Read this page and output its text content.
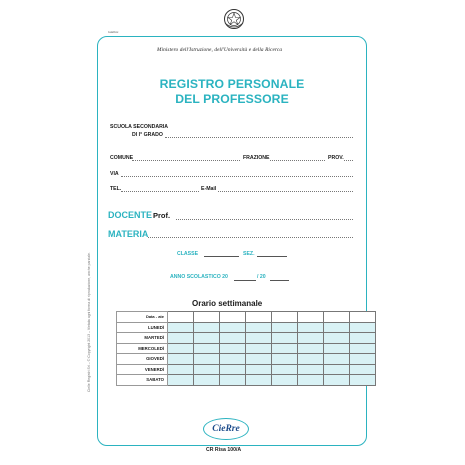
Giallos
Ministero dell'Istruzione, dell'Università e della Ricerca
REGISTRO PERSONALE
DEL PROFESSORE
SCUOLA SECONDARIA
DI I° GRADO
COMUNE	FRAZIONE	PROV.
VIA
TEL.	E-Mail
DOCENTE Prof.
MATERIA
CLASSE	SEZ.
ANNO SCOLASTICO 20	/ 20
Cielle Registri Srl – © Copyright 2013 – Vietata ogni forma di riproduzione, anche parziale.	Orario settimanale
Data - ate								
LUNEDÌ								
MARTEDÌ								
MERCOLEDÌ								
GIOVEDÌ								
VENERDÌ								
SABATO								
CieRre
CR Risa 100/A
